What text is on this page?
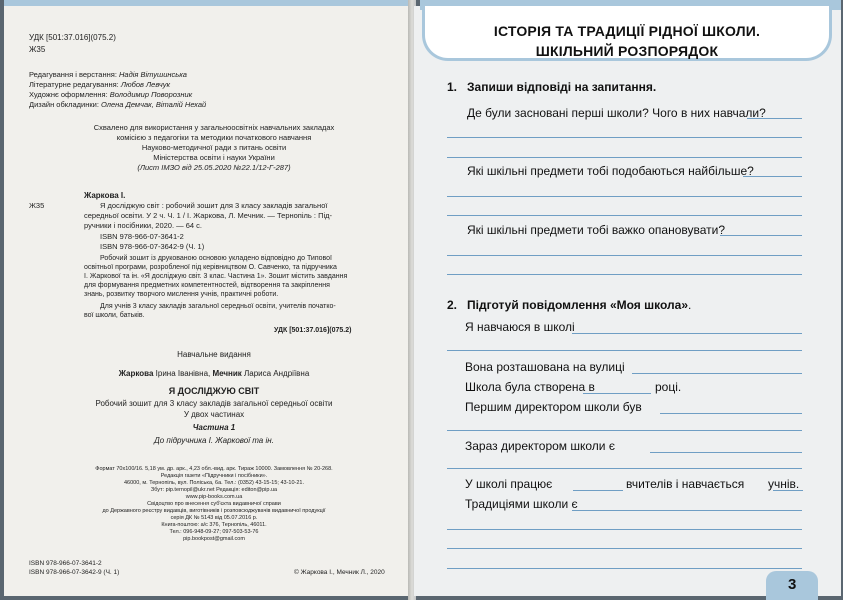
УДК [501:37.016](075.2)
Ж35
Редагування і верстання: Надія Вітушинська
Літературне редагування: Любов Левчук
Художнє оформлення: Володимир Поворозник
Дизайн обкладинки: Олена Демчак, Віталій Нехай
Схвалено для використання у загальноосвітніх навчальних закладах
комісією з педагогіки та методики початкового навчання
Науково-методичної ради з питань освіти
Міністерства освіти і науки України
(Лист ІМЗО від 25.05.2020 №22.1/12-Г-287)
Жаркова І.
Ж35	Я досліджую світ : робочий зошит для 3 класу закладів загальної
середньої освіти. У 2 ч. Ч. 1 / І. Жаркова, Л. Мечник. — Тернопіль : Під-
ручники і посібники, 2020. — 64 с.
ISBN 978-966-07-3641-2
ISBN 978-966-07-3642-9 (Ч. 1)
Робочий зошит із друкованою основою укладено відповідно до Типової
освітньої програми, розробленої під керівництвом О. Савченко, та підручника
І. Жаркової та ін. «Я досліджую світ. 3 клас. Частина 1». Зошит містить завдання
для формування предметних компетентностей, відтворення та закріплення
знань, розвитку творчого мислення учнів, практичні роботи.
Для учнів 3 класу закладів загальної середньої освіти, учителів початко-
вої школи, батьків.
УДК [501:37.016](075.2)
Навчальне видання
Жаркова Ірина Іванівна, Мечник Лариса Андріївна
Я ДОСЛІДЖУЮ СВІТ
Робочий зошит для 3 класу закладів загальної середньої освіти
У двох частинах
Частина 1
До підручника І. Жаркової та ін.
Формат 70x100/16. 5,18 ум. др. арк., 4,23 обл.-вид. арк. Тираж 10000. Замовлення № 20-268.
Редакція газети «Підручники і посібники».
46000, м. Тернопіль, вул. Поліська, 6а. Тел.: (0352) 43-15-15; 43-10-21.
Збут: pip.ternopil@ukr.net Редакція: editon@pip.ua
www.pip-books.com.ua
Свідоцтво про внесення суб'єкта видавничої справи
до Державного реєстру видавців, виготівників і розповсюджувачів видавничої продукції
серія ДК № 5143 від 05.07.2016 р.
Книга-поштою: а/с 376, Тернопіль, 46011.
Тел.: 096-948-09-27; 097-503-53-76
pip.bookpost@gmail.com
ISBN 978-966-07-3641-2
ISBN 978-966-07-3642-9 (Ч. 1)	© Жаркова І., Мечник Л., 2020
ІСТОРІЯ ТА ТРАДИЦІЇ РІДНОЇ ШКОЛИ.
ШКІЛЬНИЙ РОЗПОРЯДОК
1. Запиши відповіді на запитання.
Де були засновані перші школи? Чого в них навчали?
Які шкільні предмети тобі подобаються найбільше?
Які шкільні предмети тобі важко опановувати?
2. Підготуй повідомлення «Моя школа».
Я навчаюся в школі
Вона розташована на вулиці
Школа була створена в	році.
Першим директором школи був
Зараз директором школи є
У школі працює	вчителів і навчається учнів.
Традиціями школи є
3
